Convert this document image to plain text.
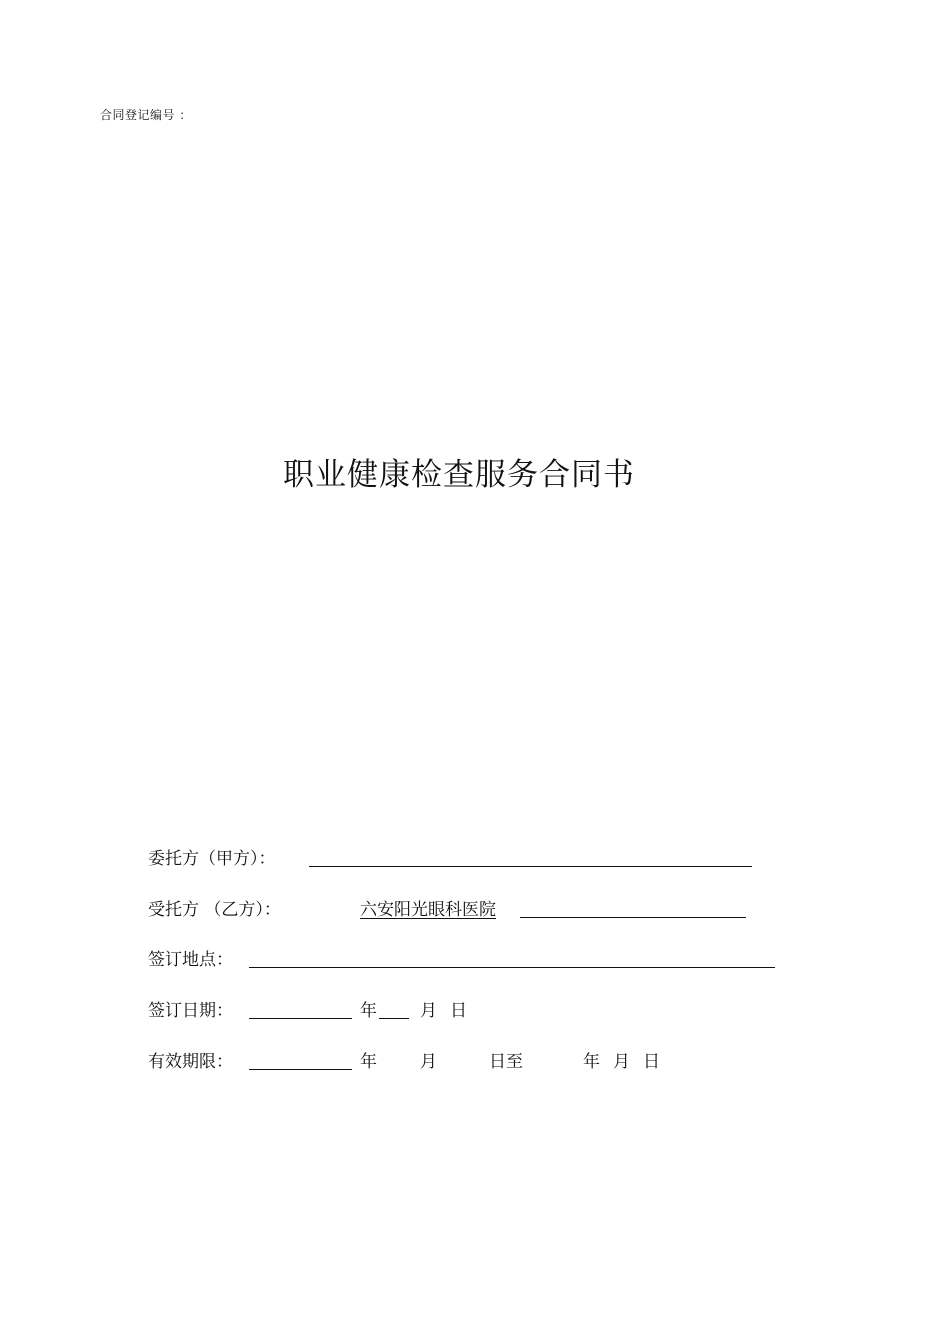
合同登记编号 ：
职业健康检查服务合同书
委托方（甲方）：
受托方 （乙方）：	六安阳光眼科医院
签订地点：
签订日期：	年	月 日
有效期限：	年	月	日至	年 月 日
